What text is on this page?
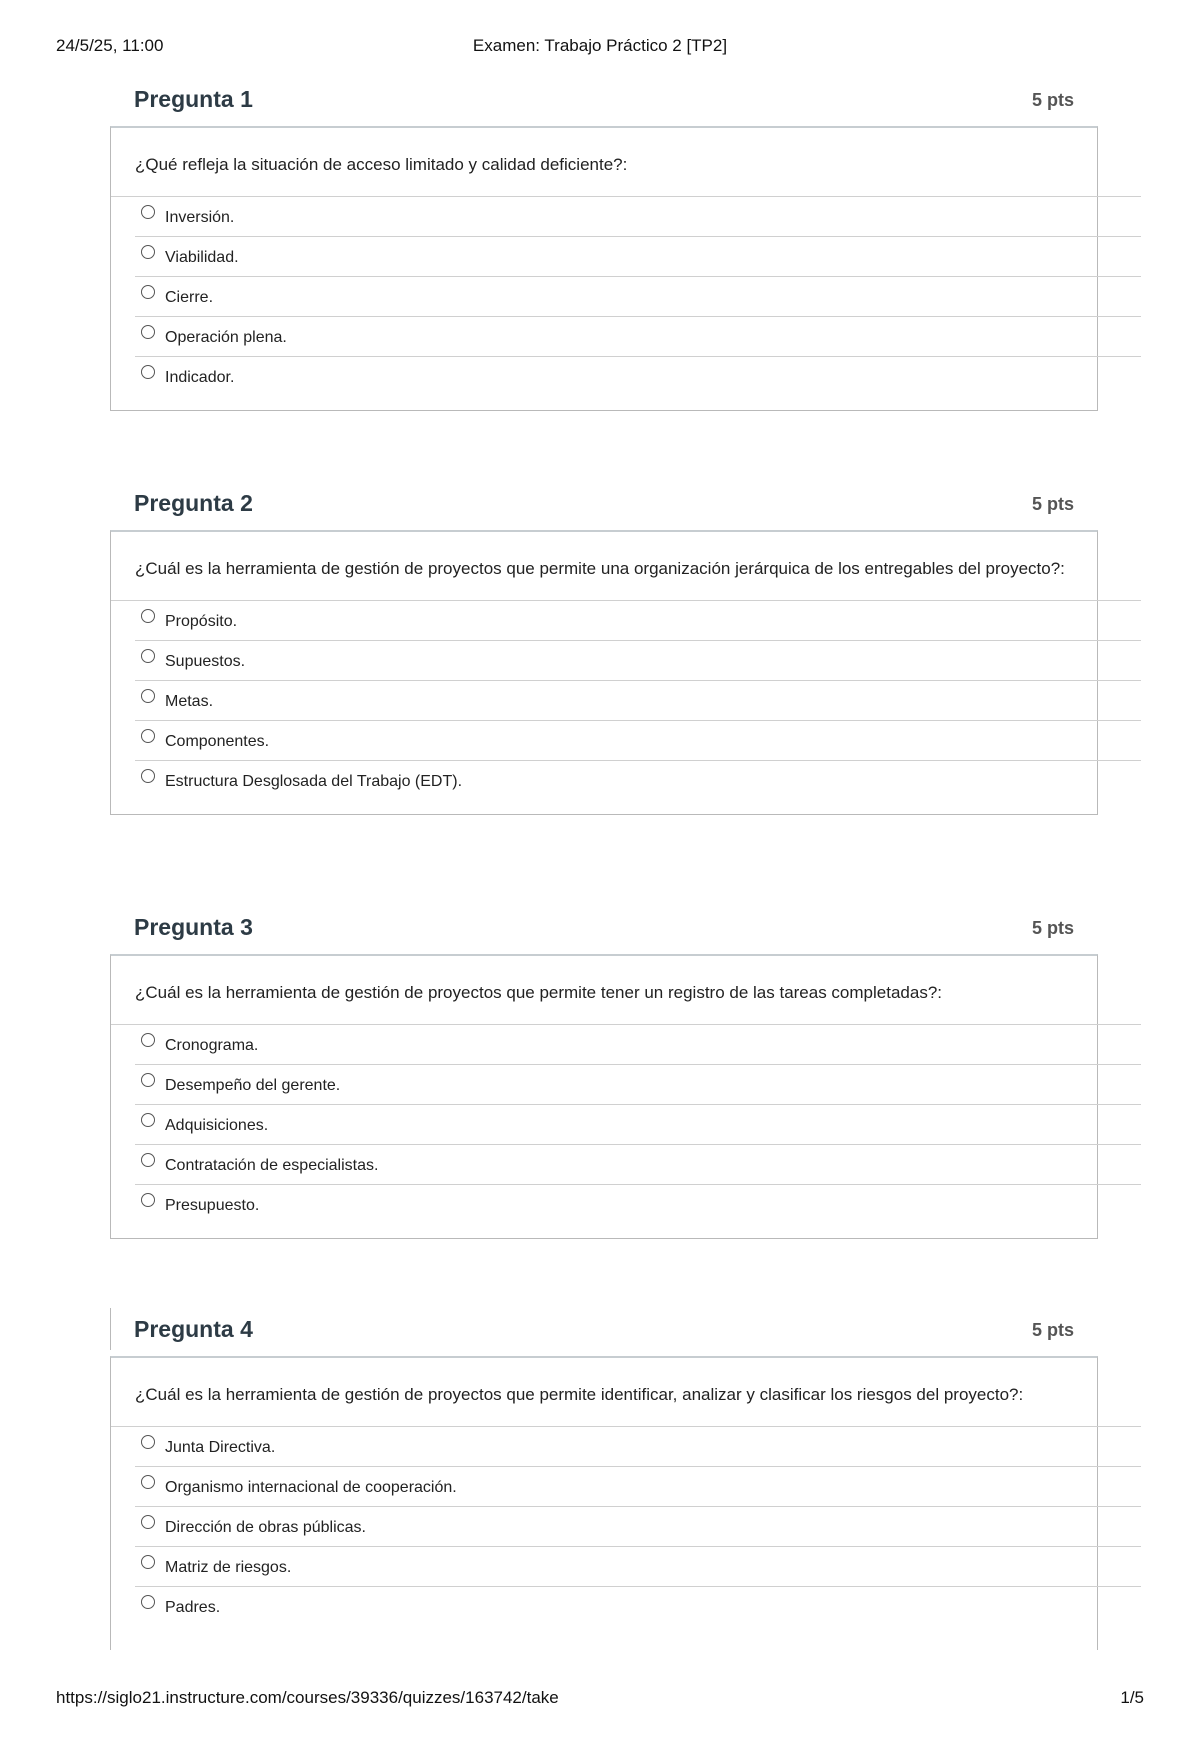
24/5/25, 11:00	Examen: Trabajo Práctico 2 [TP2]
Pregunta 1	5 pts
¿Qué refleja la situación de acceso limitado y calidad deficiente?:
Inversión.
Viabilidad.
Cierre.
Operación plena.
Indicador.
Pregunta 2	5 pts
¿Cuál es la herramienta de gestión de proyectos que permite una organización jerárquica de los entregables del proyecto?:
Propósito.
Supuestos.
Metas.
Componentes.
Estructura Desglosada del Trabajo (EDT).
Pregunta 3	5 pts
¿Cuál es la herramienta de gestión de proyectos que permite tener un registro de las tareas completadas?:
Cronograma.
Desempeño del gerente.
Adquisiciones.
Contratación de especialistas.
Presupuesto.
Pregunta 4	5 pts
¿Cuál es la herramienta de gestión de proyectos que permite identificar, analizar y clasificar los riesgos del proyecto?:
Junta Directiva.
Organismo internacional de cooperación.
Dirección de obras públicas.
Matriz de riesgos.
Padres.
https://siglo21.instructure.com/courses/39336/quizzes/163742/take	1/5
